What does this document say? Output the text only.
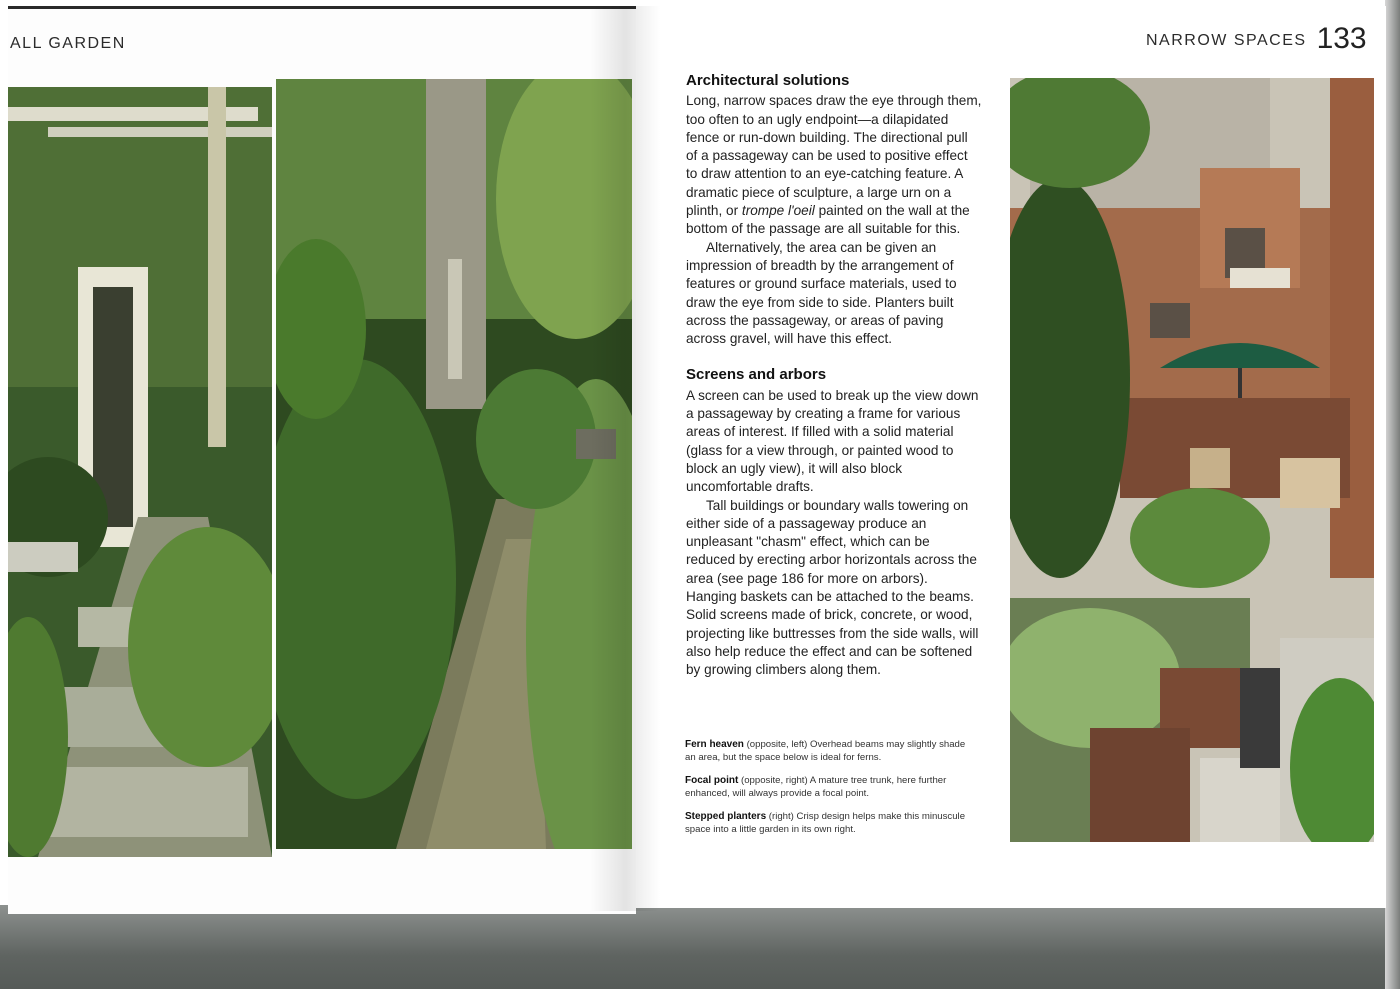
ALL GARDEN	NARROW SPACES 133
Architectural solutions

Long, narrow spaces draw the eye through them, too often to an ugly endpoint—a dilapidated fence or run-down building. The directional pull of a passageway can be used to positive effect to draw attention to an eye-catching feature. A dramatic piece of sculpture, a large urn on a plinth, or trompe l'oeil painted on the wall at the bottom of the passage are all suitable for this.

Alternatively, the area can be given an impression of breadth by the arrangement of features or ground surface materials, used to draw the eye from side to side. Planters built across the passageway, or areas of paving across gravel, will have this effect.

Screens and arbors

A screen can be used to break up the view down a passageway by creating a frame for various areas of interest. If filled with a solid material (glass for a view through, or painted wood to block an ugly view), it will also block uncomfortable drafts.

Tall buildings or boundary walls towering on either side of a passageway produce an unpleasant "chasm" effect, which can be reduced by erecting arbor horizontals across the area (see page 186 for more on arbors). Hanging baskets can be attached to the beams. Solid screens made of brick, concrete, or wood, projecting like buttresses from the side walls, will also help reduce the effect and can be softened by growing climbers along them.

Fern heaven (opposite, left) Overhead beams may slightly shade an area, but the space below is ideal for ferns.

Focal point (opposite, right) A mature tree trunk, here further enhanced, will always provide a focal point.

Stepped planters (right) Crisp design helps make this minuscule space into a little garden in its own right.
